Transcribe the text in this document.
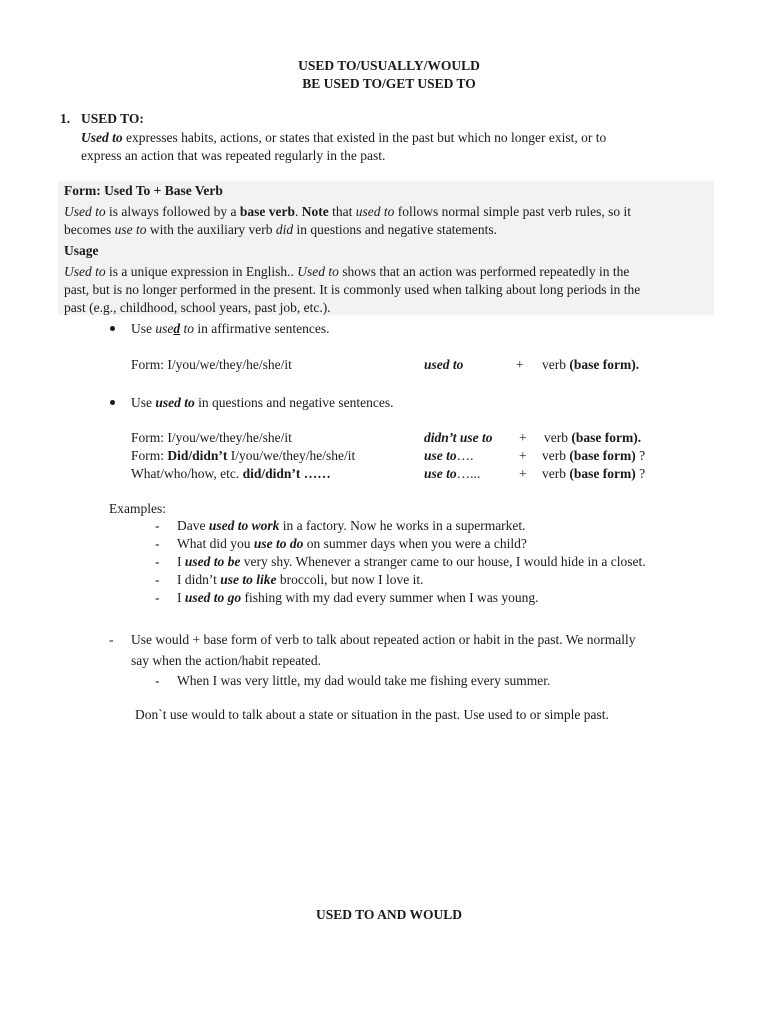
USED TO/USUALLY/WOULD
BE USED TO/GET USED TO
1. USED TO:
Used to expresses habits, actions, or states that existed in the past but which no longer exist, or to
express an action that was repeated regularly in the past.
Form: Used To + Base Verb
Used to is always followed by a base verb. Note that used to follows normal simple past verb rules, so it
becomes use to with the auxiliary verb did in questions and negative statements.
Usage
Used to is a unique expression in English.. Used to shows that an action was performed repeatedly in the
past, but is no longer performed in the present. It is commonly used when talking about long periods in the
past (e.g., childhood, school years, past job, etc.).
Use used to in affirmative sentences.
Form: I/you/we/they/he/she/it	used to	+ verb (base form).
Use used to in questions and negative sentences.
Form: I/you/we/they/he/she/it	didn’t use to + verb (base form).
Form: Did/didn’t I/you/we/they/he/she/it	use to….	+ verb (base form) ?
What/who/how, etc. did/didn’t ……	use to…...	+ verb (base form) ?
Examples:
- Dave used to work in a factory. Now he works in a supermarket.
- What did you use to do on summer days when you were a child?
- I used to be very shy. Whenever a stranger came to our house, I would hide in a closet.
- I didn’t use to like broccoli, but now I love it.
- I used to go fishing with my dad every summer when I was young.
- Use would + base form of verb to talk about repeated action or habit in the past. We normally
say when the action/habit repeated.
- When I was very little, my dad would take me fishing every summer.
Don`t use would to talk about a state or situation in the past. Use used to or simple past.
USED TO AND WOULD
